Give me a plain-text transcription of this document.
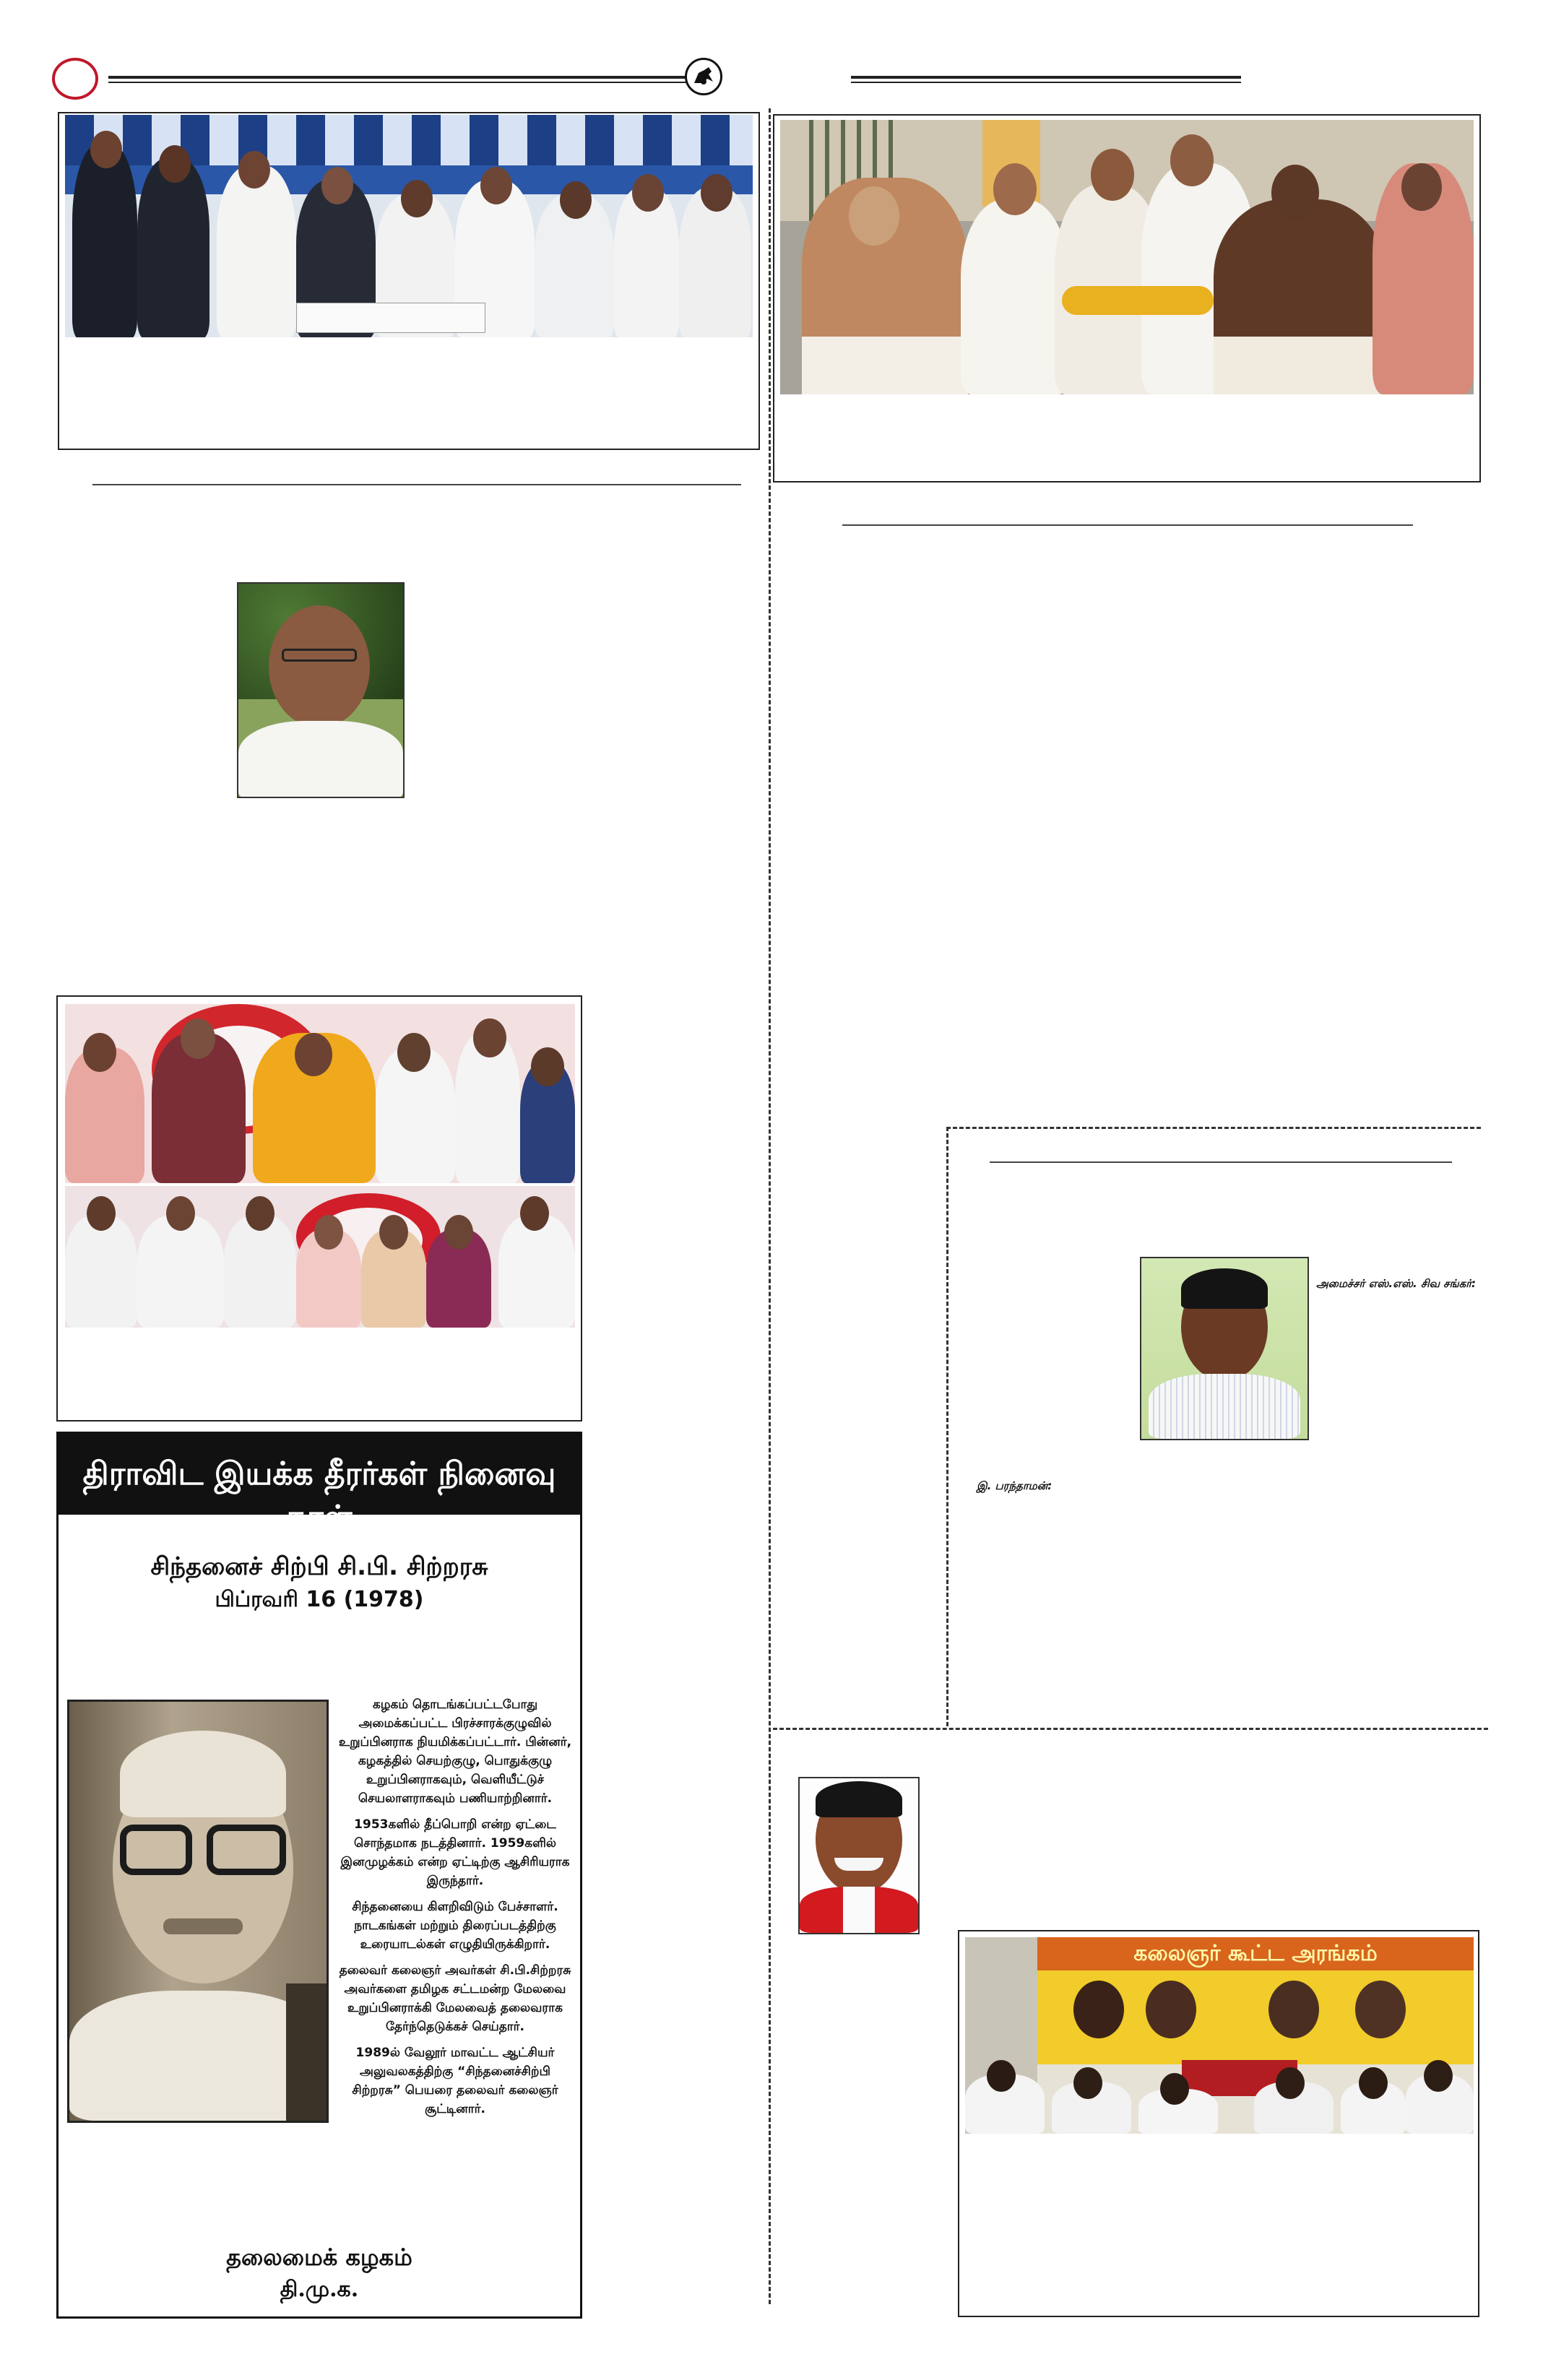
திராவிட இயக்க தீரர்கள் நினைவு நாள்
சிந்தனைச் சிற்பி சி.பி. சிற்றரசு
பிப்ரவரி 16 (1978)

கழகம் தொடங்கப்பட்டபோது அமைக்கப்பட்ட பிரச்சாரக்குழுவில் உறுப்பினராக நியமிக்கப்பட்டார். பின்னர், கழகத்தில் செயற்குழு, பொதுக்குழு உறுப்பினராகவும், வெளியீட்டுச் செயலாளராகவும் பணியாற்றினார்.

1953களில் தீப்பொறி என்ற ஏட்டை சொந்தமாக நடத்தினார். 1959களில் இனமுழக்கம் என்ற ஏட்டிற்கு ஆசிரியராக இருந்தார்.

சிந்தனையை கிளறிவிடும் பேச்சாளர். நாடகங்கள் மற்றும் திரைப்படத்திற்கு உரையாடல்கள் எழுதியிருக்கிறார்.

தலைவர் கலைஞர் அவர்கள் சி.பி.சிற்றரசு அவர்களை தமிழக சட்டமன்ற மேலவை உறுப்பினராக்கி மேலவைத் தலைவராக தேர்ந்தெடுக்கச் செய்தார்.

1989ல் வேலூர் மாவட்ட ஆட்சியர் அலுவலகத்திற்கு “சிந்தனைச்சிற்பி சிற்றரசு” பெயரை தலைவர் கலைஞர் சூட்டினார்.

தலைமைக் கழகம்
தி.மு.க.
அமைச்சர் எஸ்.எஸ். சிவ சங்கர்:
இ. பரந்தாமன்:
கலைஞர் கூட்ட அரங்கம்
